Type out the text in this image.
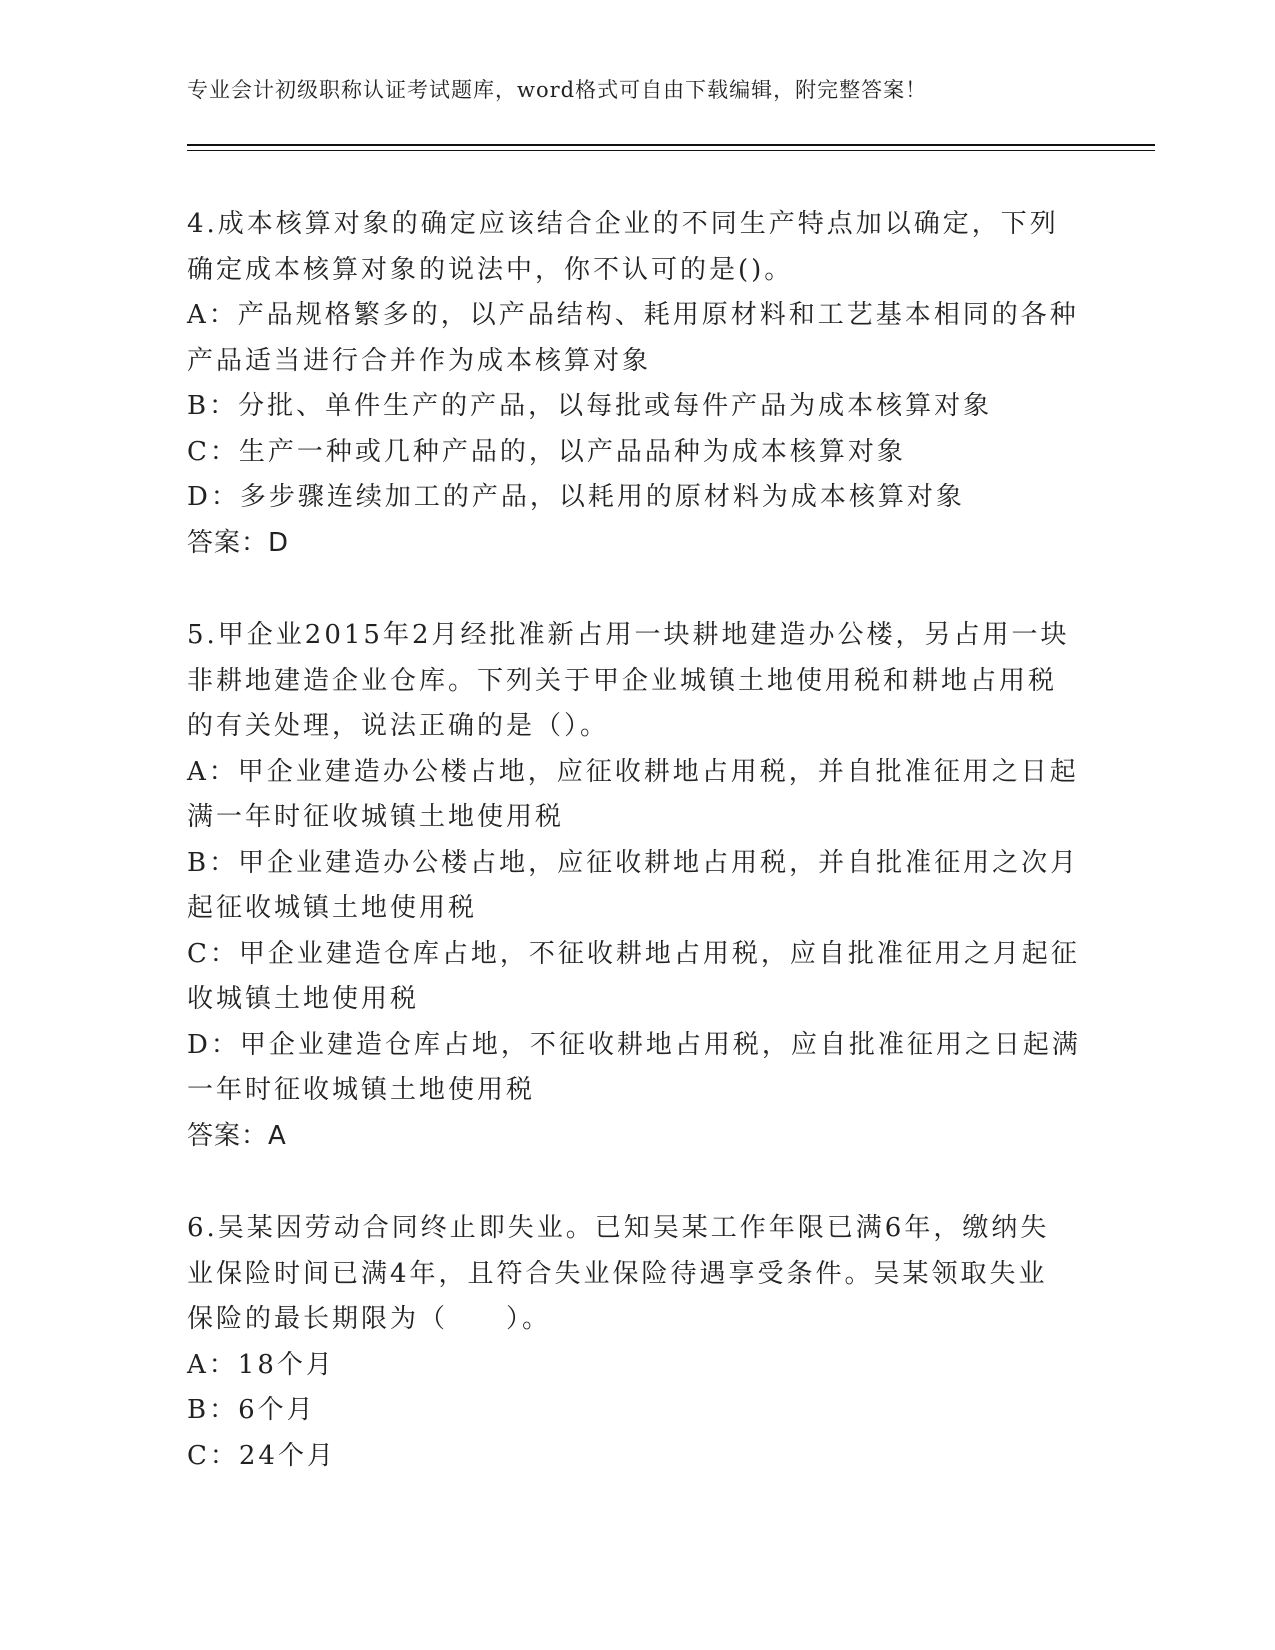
专业会计初级职称认证考试题库，word格式可自由下载编辑，附完整答案！
4.成本核算对象的确定应该结合企业的不同生产特点加以确定，下列
确定成本核算对象的说法中，你不认可的是()。
A：产品规格繁多的，以产品结构、耗用原材料和工艺基本相同的各种
产品适当进行合并作为成本核算对象
B：分批、单件生产的产品，以每批或每件产品为成本核算对象
C：生产一种或几种产品的，以产品品种为成本核算对象
D：多步骤连续加工的产品，以耗用的原材料为成本核算对象
答案：D
5.甲企业2015年2月经批准新占用一块耕地建造办公楼，另占用一块
非耕地建造企业仓库。下列关于甲企业城镇土地使用税和耕地占用税
的有关处理，说法正确的是（）。
A：甲企业建造办公楼占地，应征收耕地占用税，并自批准征用之日起
满一年时征收城镇土地使用税
B：甲企业建造办公楼占地，应征收耕地占用税，并自批准征用之次月
起征收城镇土地使用税
C：甲企业建造仓库占地，不征收耕地占用税，应自批准征用之月起征
收城镇土地使用税
D：甲企业建造仓库占地，不征收耕地占用税，应自批准征用之日起满
一年时征收城镇土地使用税
答案：A
6.吴某因劳动合同终止即失业。已知吴某工作年限已满6年，缴纳失
业保险时间已满4年，且符合失业保险待遇享受条件。吴某领取失业
保险的最长期限为（　　）。
A：18个月
B：6个月
C：24个月
